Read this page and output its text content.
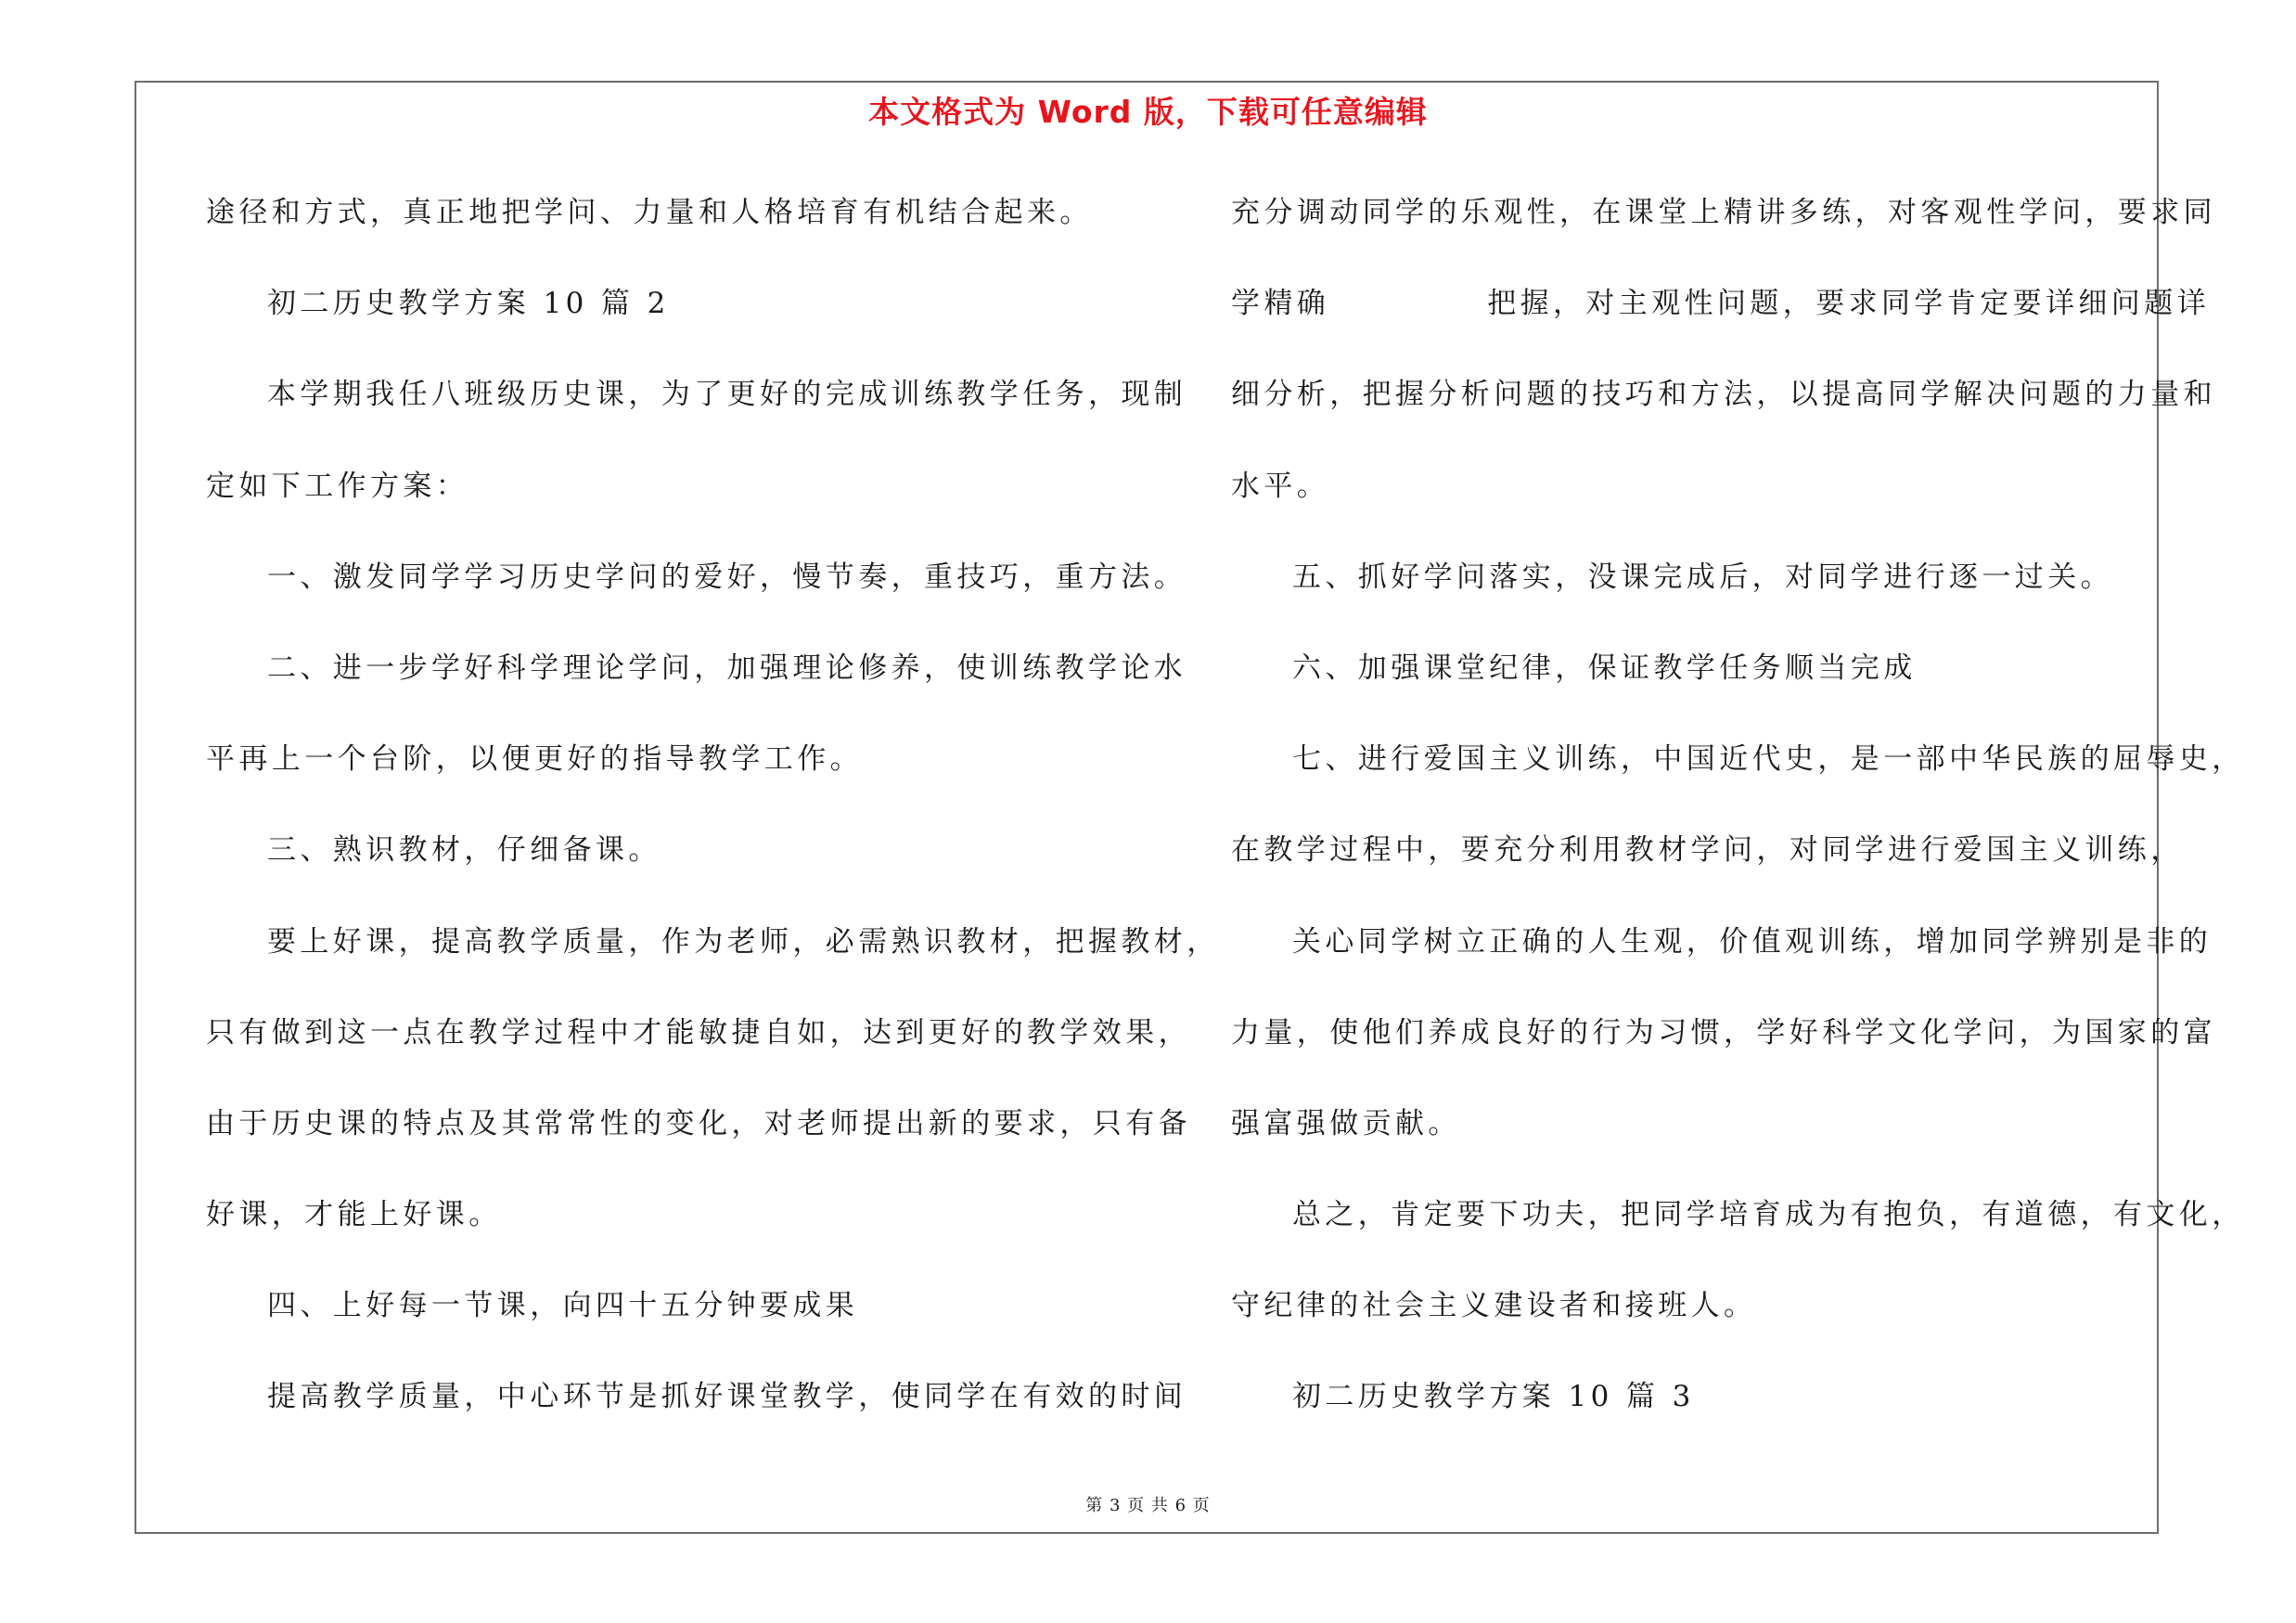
本文格式为 Word 版，下载可任意编辑
途径和方式，真正地把学问、力量和人格培育有机结合起来。
初二历史教学方案 10 篇 2
本学期我任八班级历史课，为了更好的完成训练教学任务，现制
定如下工作方案：
一、激发同学学习历史学问的爱好，慢节奏，重技巧，重方法。
二、进一步学好科学理论学问，加强理论修养，使训练教学论水
平再上一个台阶，以便更好的指导教学工作。
三、熟识教材，仔细备课。
要上好课，提高教学质量，作为老师，必需熟识教材，把握教材，
只有做到这一点在教学过程中才能敏捷自如，达到更好的教学效果，
由于历史课的特点及其常常性的变化，对老师提出新的要求，只有备
好课，才能上好课。
四、上好每一节课，向四十五分钟要成果
提高教学质量，中心环节是抓好课堂教学，使同学在有效的时间
充分调动同学的乐观性，在课堂上精讲多练，对客观性学问，要求同
学精确	把握，对主观性问题，要求同学肯定要详细问题详
细分析，把握分析问题的技巧和方法，以提高同学解决问题的力量和
水平。
五、抓好学问落实，没课完成后，对同学进行逐一过关。
六、加强课堂纪律，保证教学任务顺当完成
七、进行爱国主义训练，中国近代史，是一部中华民族的屈辱史，
在教学过程中，要充分利用教材学问，对同学进行爱国主义训练，
关心同学树立正确的人生观，价值观训练，增加同学辨别是非的
力量，使他们养成良好的行为习惯，学好科学文化学问，为国家的富
强富强做贡献。
总之，肯定要下功夫，把同学培育成为有抱负，有道德，有文化，
守纪律的社会主义建设者和接班人。
初二历史教学方案 10 篇 3
第 3 页 共 6 页
